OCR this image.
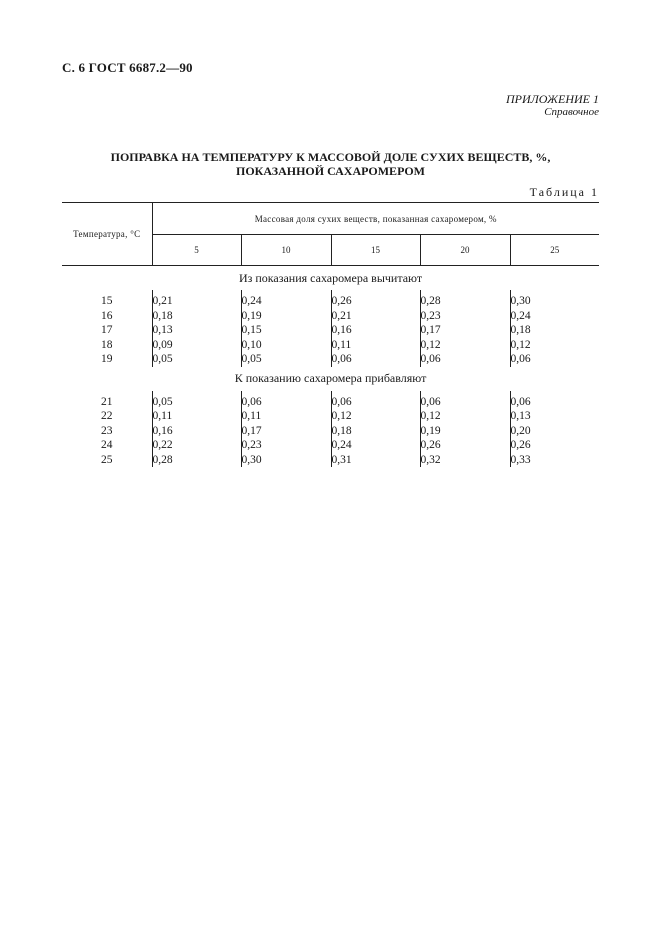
С. 6 ГОСТ 6687.2—90
ПРИЛОЖЕНИЕ 1
Справочное
ПОПРАВКА НА ТЕМПЕРАТУРУ К МАССОВОЙ ДОЛЕ СУХИХ ВЕЩЕСТВ, %,
ПОКАЗАННОЙ САХАРОМЕРОМ
Таблица 1
Температура, °С	Массовая доля сухих веществ, показанная сахаромером, %				
	5	10	15	20	25
Из показания сахаромера вычитают					

15	0,21	0,24	0,26	0,28	0,30
16	0,18	0,19	0,21	0,23	0,24
17	0,13	0,15	0,16	0,17	0,18
18	0,09	0,10	0,11	0,12	0,12
19	0,05	0,05	0,06	0,06	0,06
К показанию сахаромера прибавляют					

21	0,05	0,06	0,06	0,06	0,06
22	0,11	0,11	0,12	0,12	0,13
23	0,16	0,17	0,18	0,19	0,20
24	0,22	0,23	0,24	0,26	0,26
25	0,28	0,30	0,31	0,32	0,33
